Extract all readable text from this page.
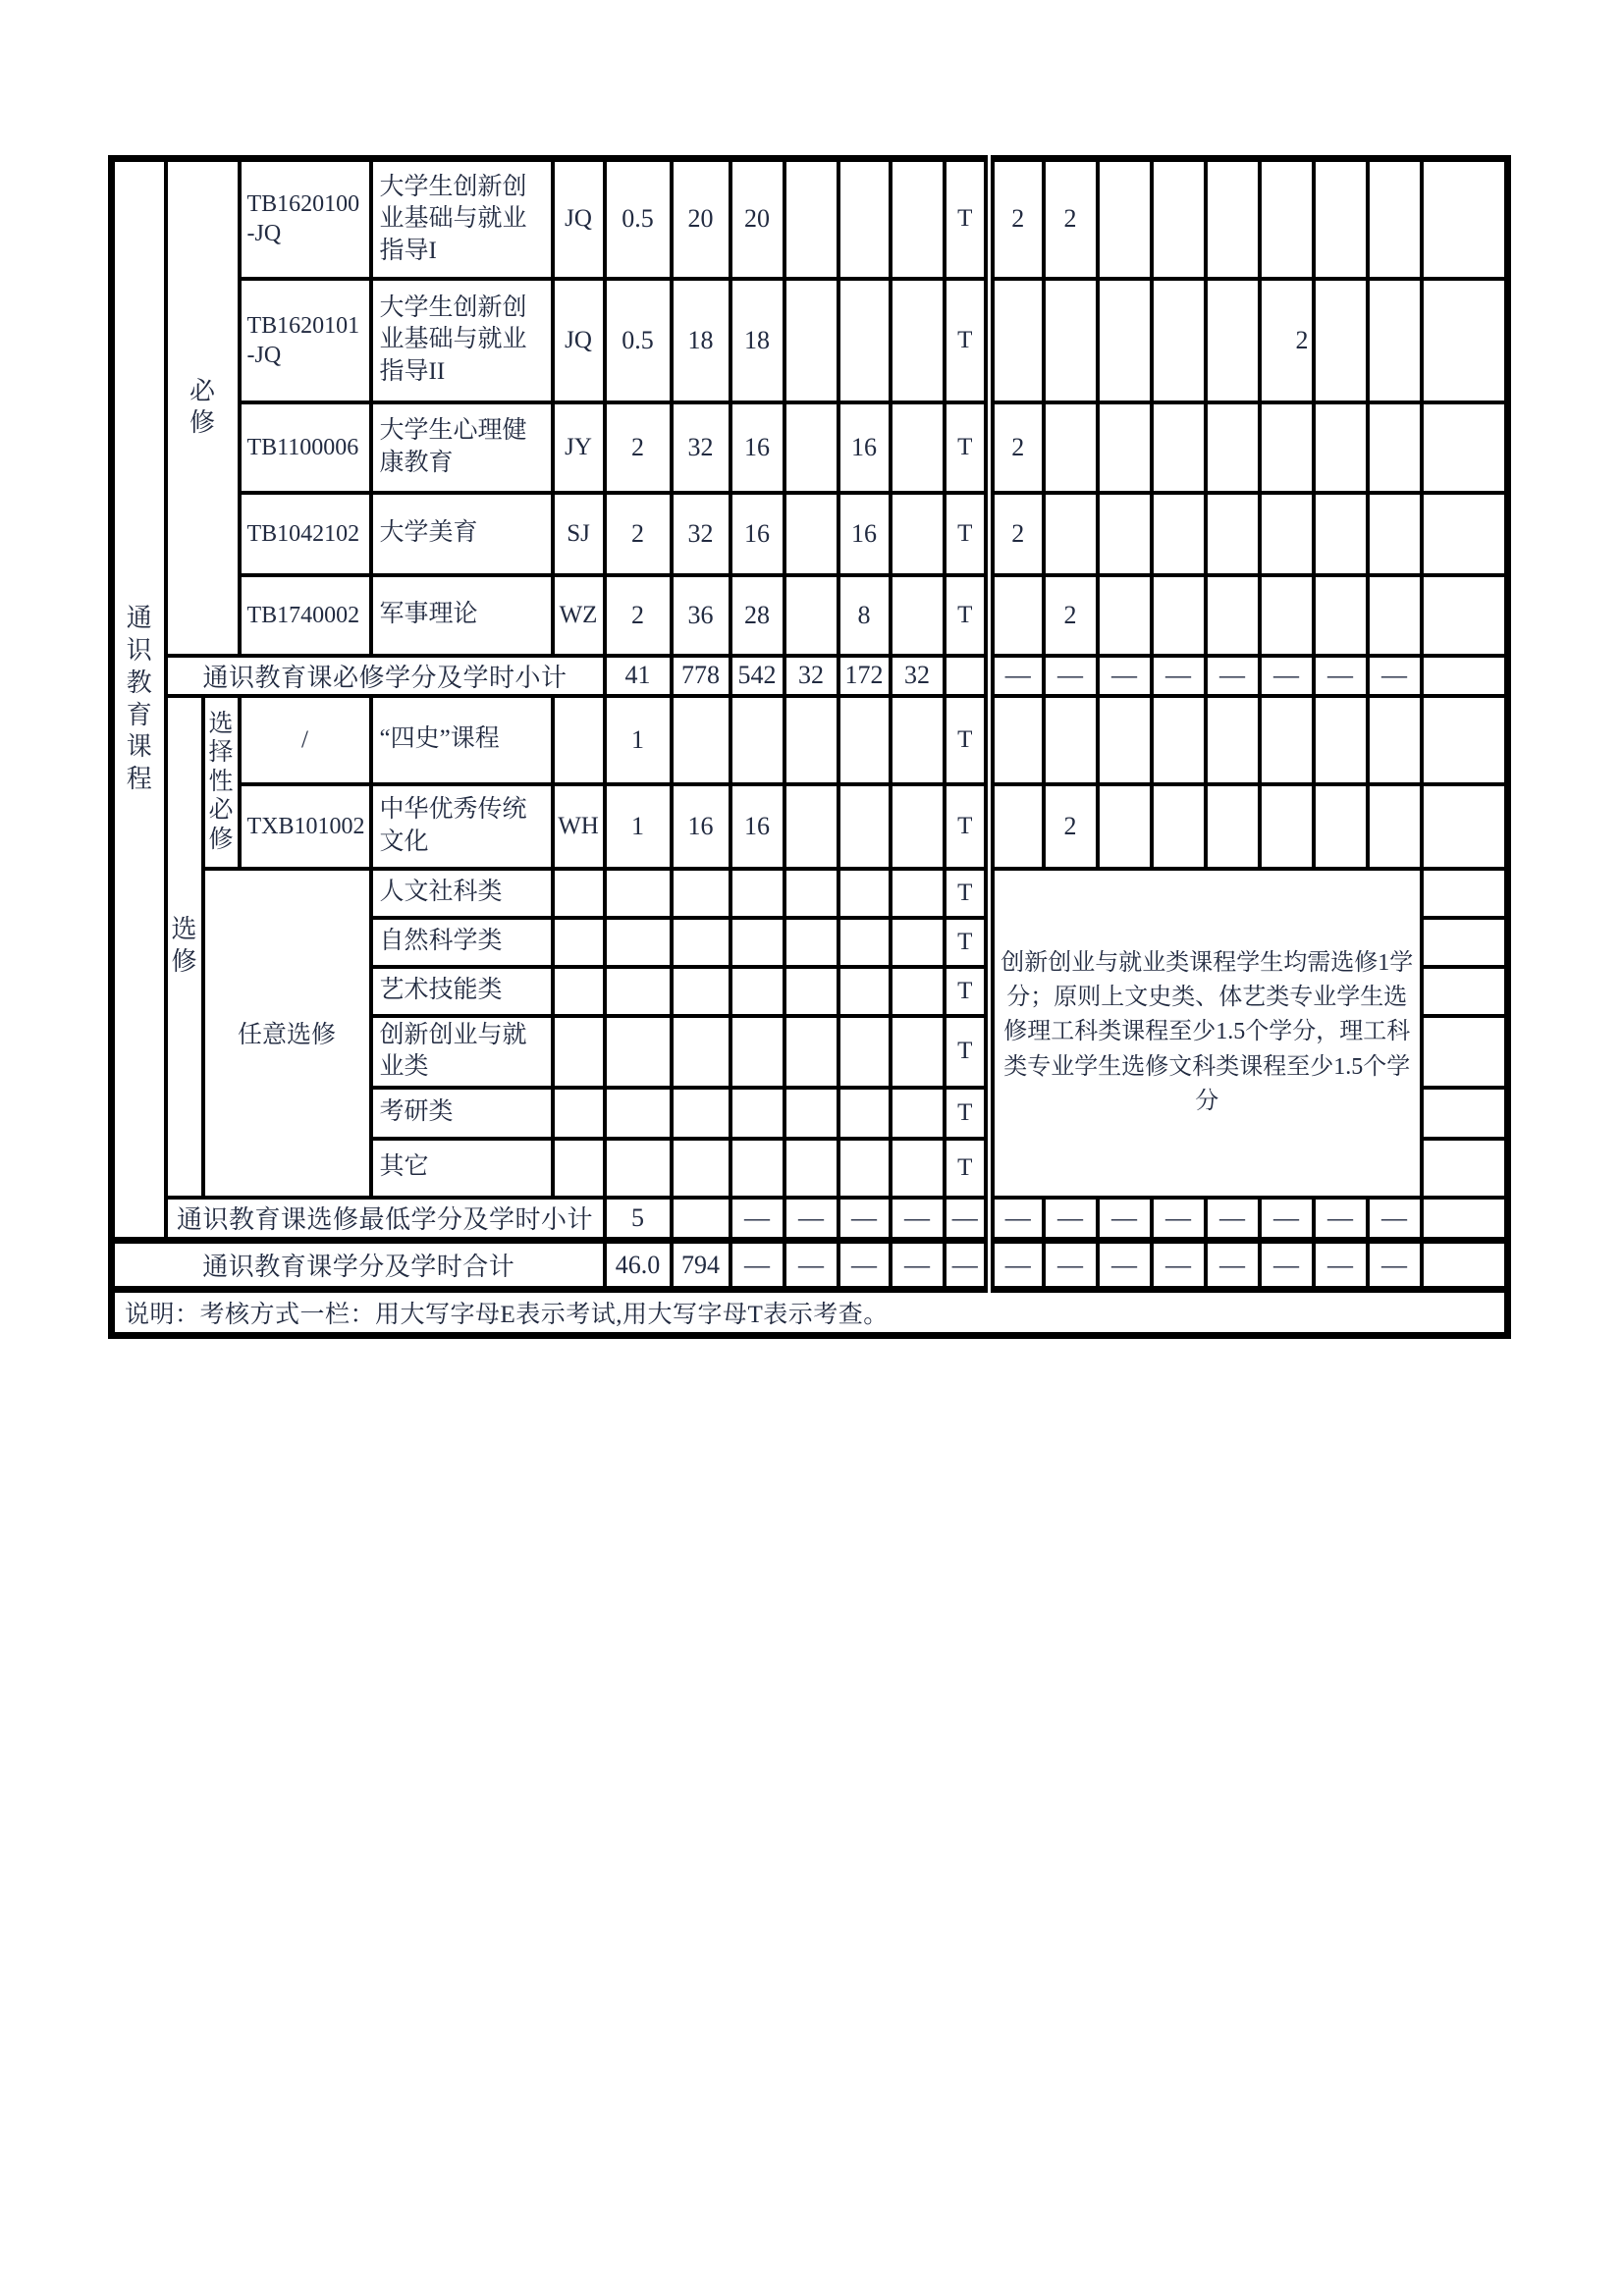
通识教育课程	必修		TB1620100-JQ	大学生创新创业基础与就业指导I	JQ	0.5	20	20				T	2	2							
			TB1620101-JQ	大学生创新创业基础与就业指导II	JQ	0.5	18	18				T						2			
			TB1100006	大学生心理健康教育	JY	2	32	16		16		T	2								
			TB1042102	大学美育	SJ	2	32	16		16		T	2								
			TB1740002	军事理论	WZ	2	36	28		8		T		2							
	通识教育课必修学分及学时小计					41	778	542	32	172	32		—	—	—	—	—	—	—	—	

	选修	选择性必修	/	“四史”课程		1						T									
			TXB101002	中华优秀传统文化	WH	1	16	16				T		2							
		任意选修		人文社科类								T	创新创业与就业类课程学生均需选修1学分；原则上文史类、体艺类专业学生选修理工科类课程至少1.5个学分，理工科类专业学生选修文科类课程至少1.5个学分								
				自然科学类								T									
				艺术技能类								T									
				创新创业与就业类								T									
				考研类								T									
				其它								T									
	通识教育课选修最低学分及学时小计					5		—	—	—	—	—	—	—	—	—	—	—	—	—	
通识教育课学分及学时合计						46.0	794	—	—	—	—	—	—	—	—	—	—	—	—	—	
说明：考核方式一栏：用大写字母E表示考试,用大写字母T表示考查。																					
